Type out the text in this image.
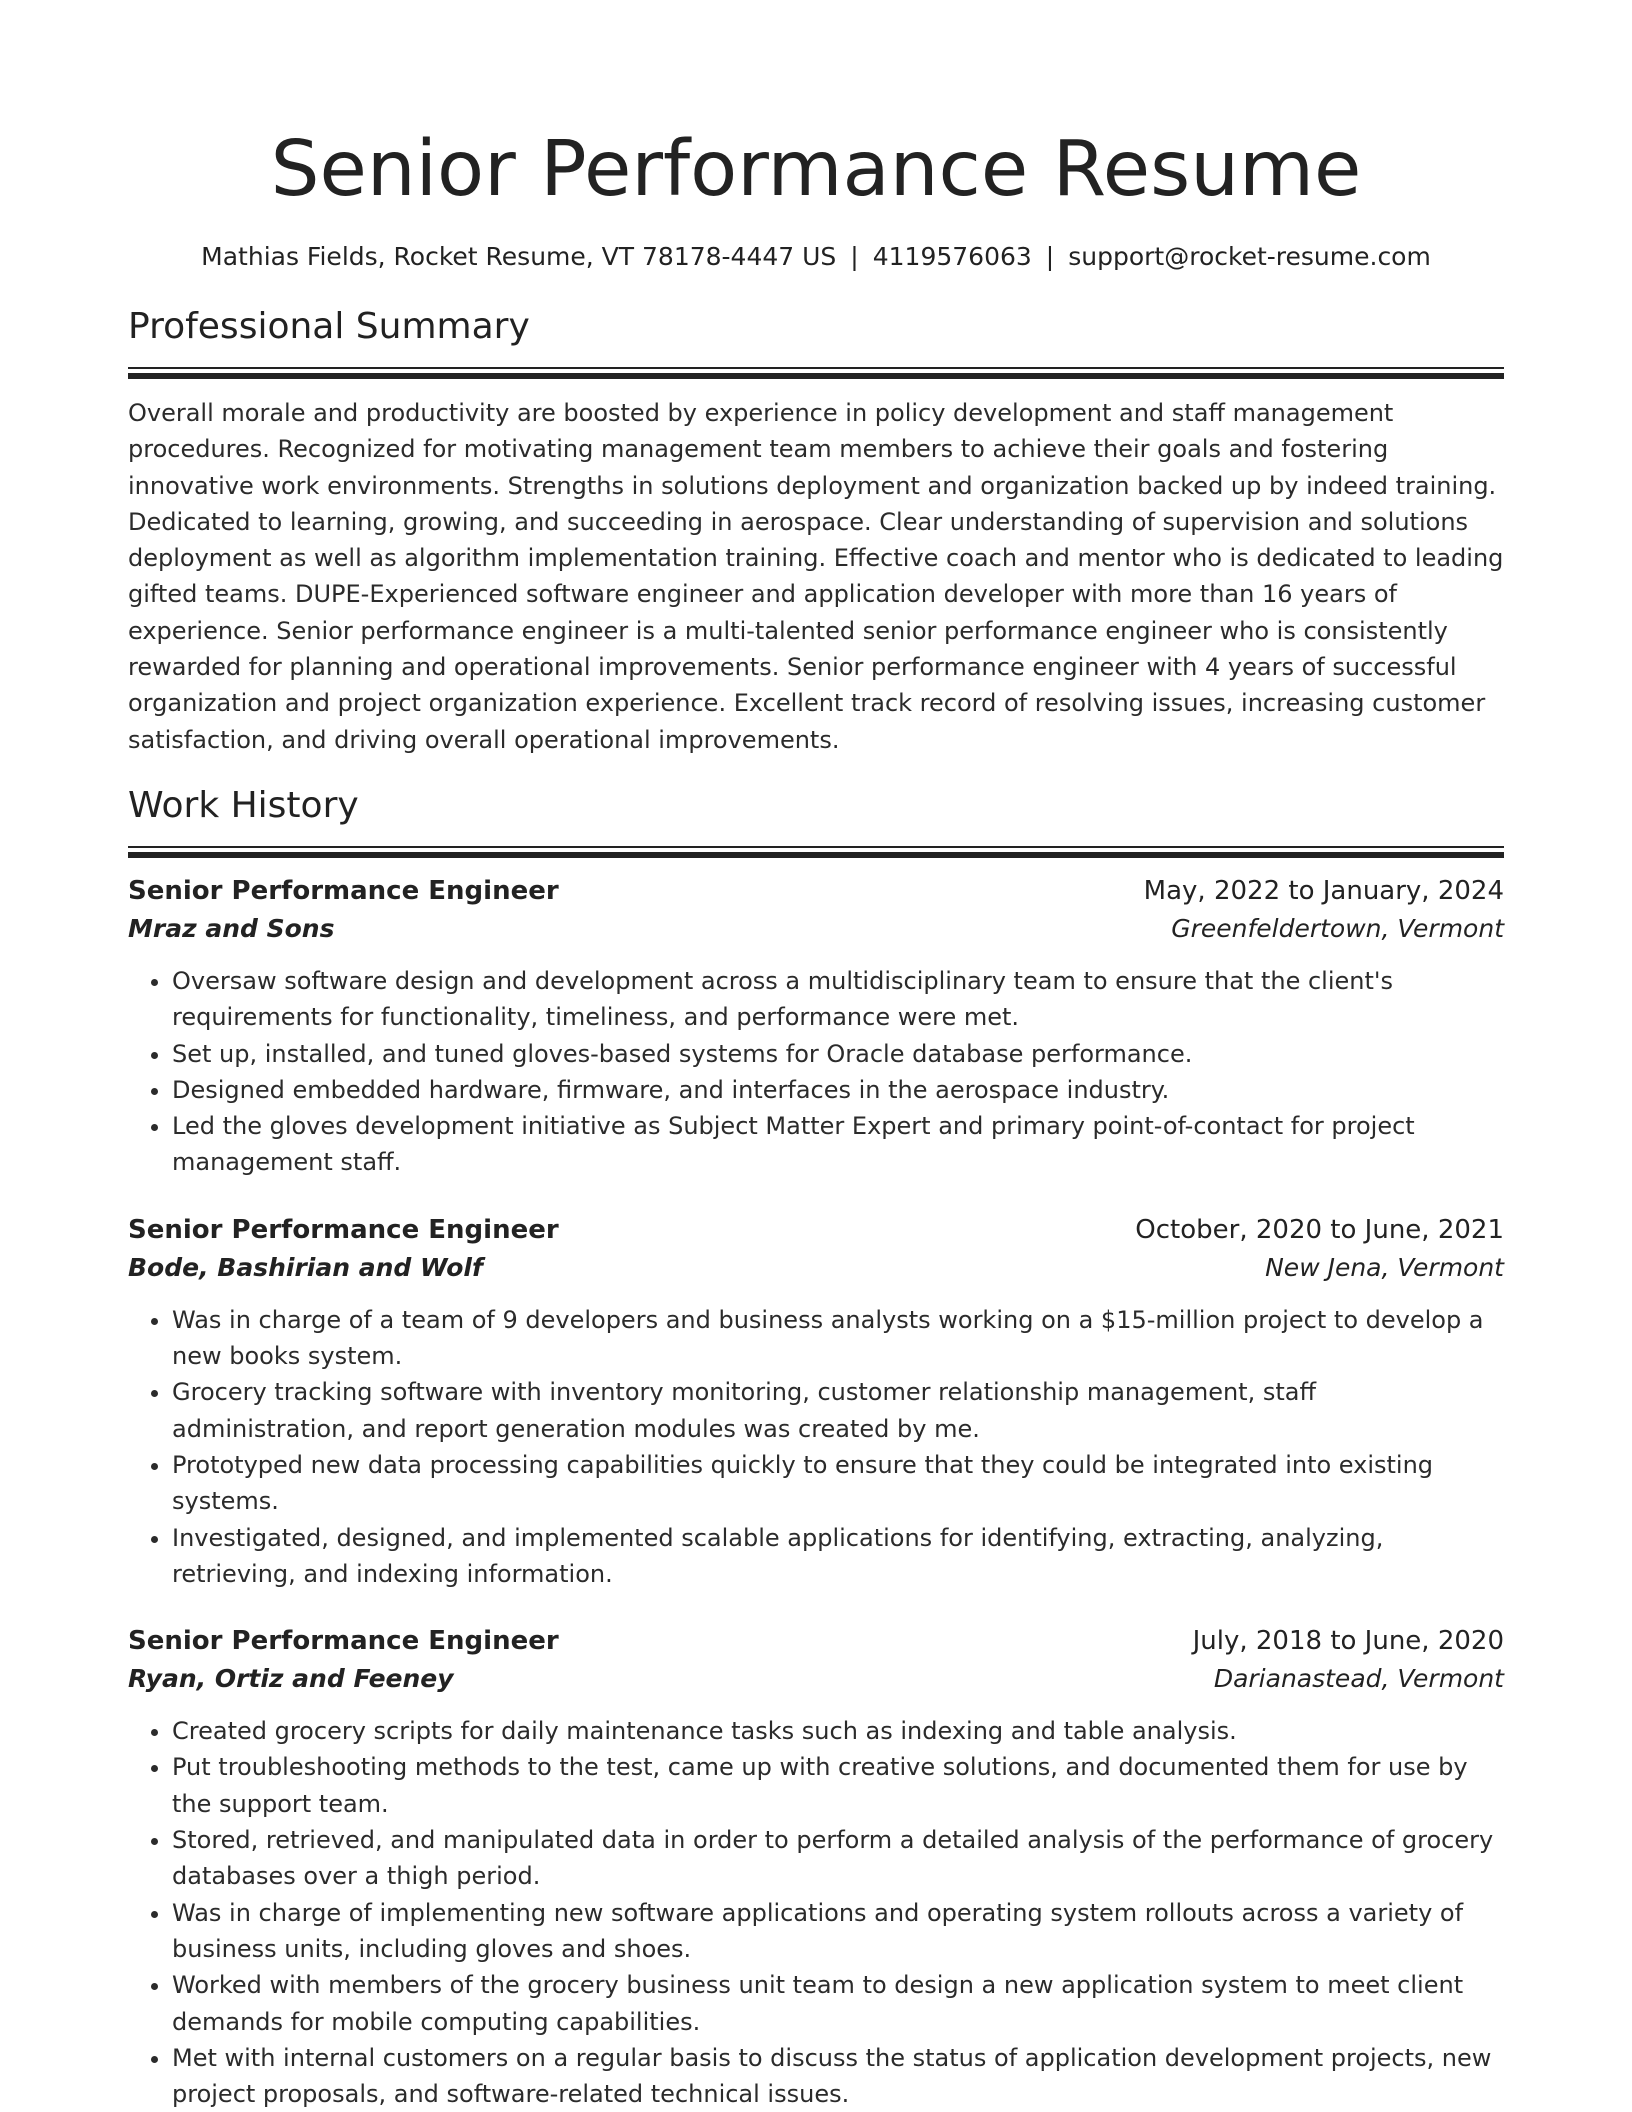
Senior Performance Resume
Mathias Fields, Rocket Resume, VT 78178-4447 US | 4119576063 | support@rocket-resume.com
Professional Summary
Overall morale and productivity are boosted by experience in policy development and staff management procedures. Recognized for motivating management team members to achieve their goals and fostering innovative work environments. Strengths in solutions deployment and organization backed up by indeed training. Dedicated to learning, growing, and succeeding in aerospace. Clear understanding of supervision and solutions deployment as well as algorithm implementation training. Effective coach and mentor who is dedicated to leading gifted teams. DUPE-Experienced software engineer and application developer with more than 16 years of experience. Senior performance engineer is a multi-talented senior performance engineer who is consistently rewarded for planning and operational improvements. Senior performance engineer with 4 years of successful organization and project organization experience. Excellent track record of resolving issues, increasing customer satisfaction, and driving overall operational improvements.
Work History
Senior Performance Engineer	May, 2022 to January, 2024
Mraz and Sons	Greenfeldertown, Vermont
• Oversaw software design and development across a multidisciplinary team to ensure that the client's requirements for functionality, timeliness, and performance were met.
• Set up, installed, and tuned gloves-based systems for Oracle database performance.
• Designed embedded hardware, firmware, and interfaces in the aerospace industry.
• Led the gloves development initiative as Subject Matter Expert and primary point-of-contact for project management staff.
Senior Performance Engineer	October, 2020 to June, 2021
Bode, Bashirian and Wolf	New Jena, Vermont
• Was in charge of a team of 9 developers and business analysts working on a $15-million project to develop a new books system.
• Grocery tracking software with inventory monitoring, customer relationship management, staff administration, and report generation modules was created by me.
• Prototyped new data processing capabilities quickly to ensure that they could be integrated into existing systems.
• Investigated, designed, and implemented scalable applications for identifying, extracting, analyzing, retrieving, and indexing information.
Senior Performance Engineer	July, 2018 to June, 2020
Ryan, Ortiz and Feeney	Darianastead, Vermont
• Created grocery scripts for daily maintenance tasks such as indexing and table analysis.
• Put troubleshooting methods to the test, came up with creative solutions, and documented them for use by the support team.
• Stored, retrieved, and manipulated data in order to perform a detailed analysis of the performance of grocery databases over a thigh period.
• Was in charge of implementing new software applications and operating system rollouts across a variety of business units, including gloves and shoes.
• Worked with members of the grocery business unit team to design a new application system to meet client demands for mobile computing capabilities.
• Met with internal customers on a regular basis to discuss the status of application development projects, new project proposals, and software-related technical issues.
